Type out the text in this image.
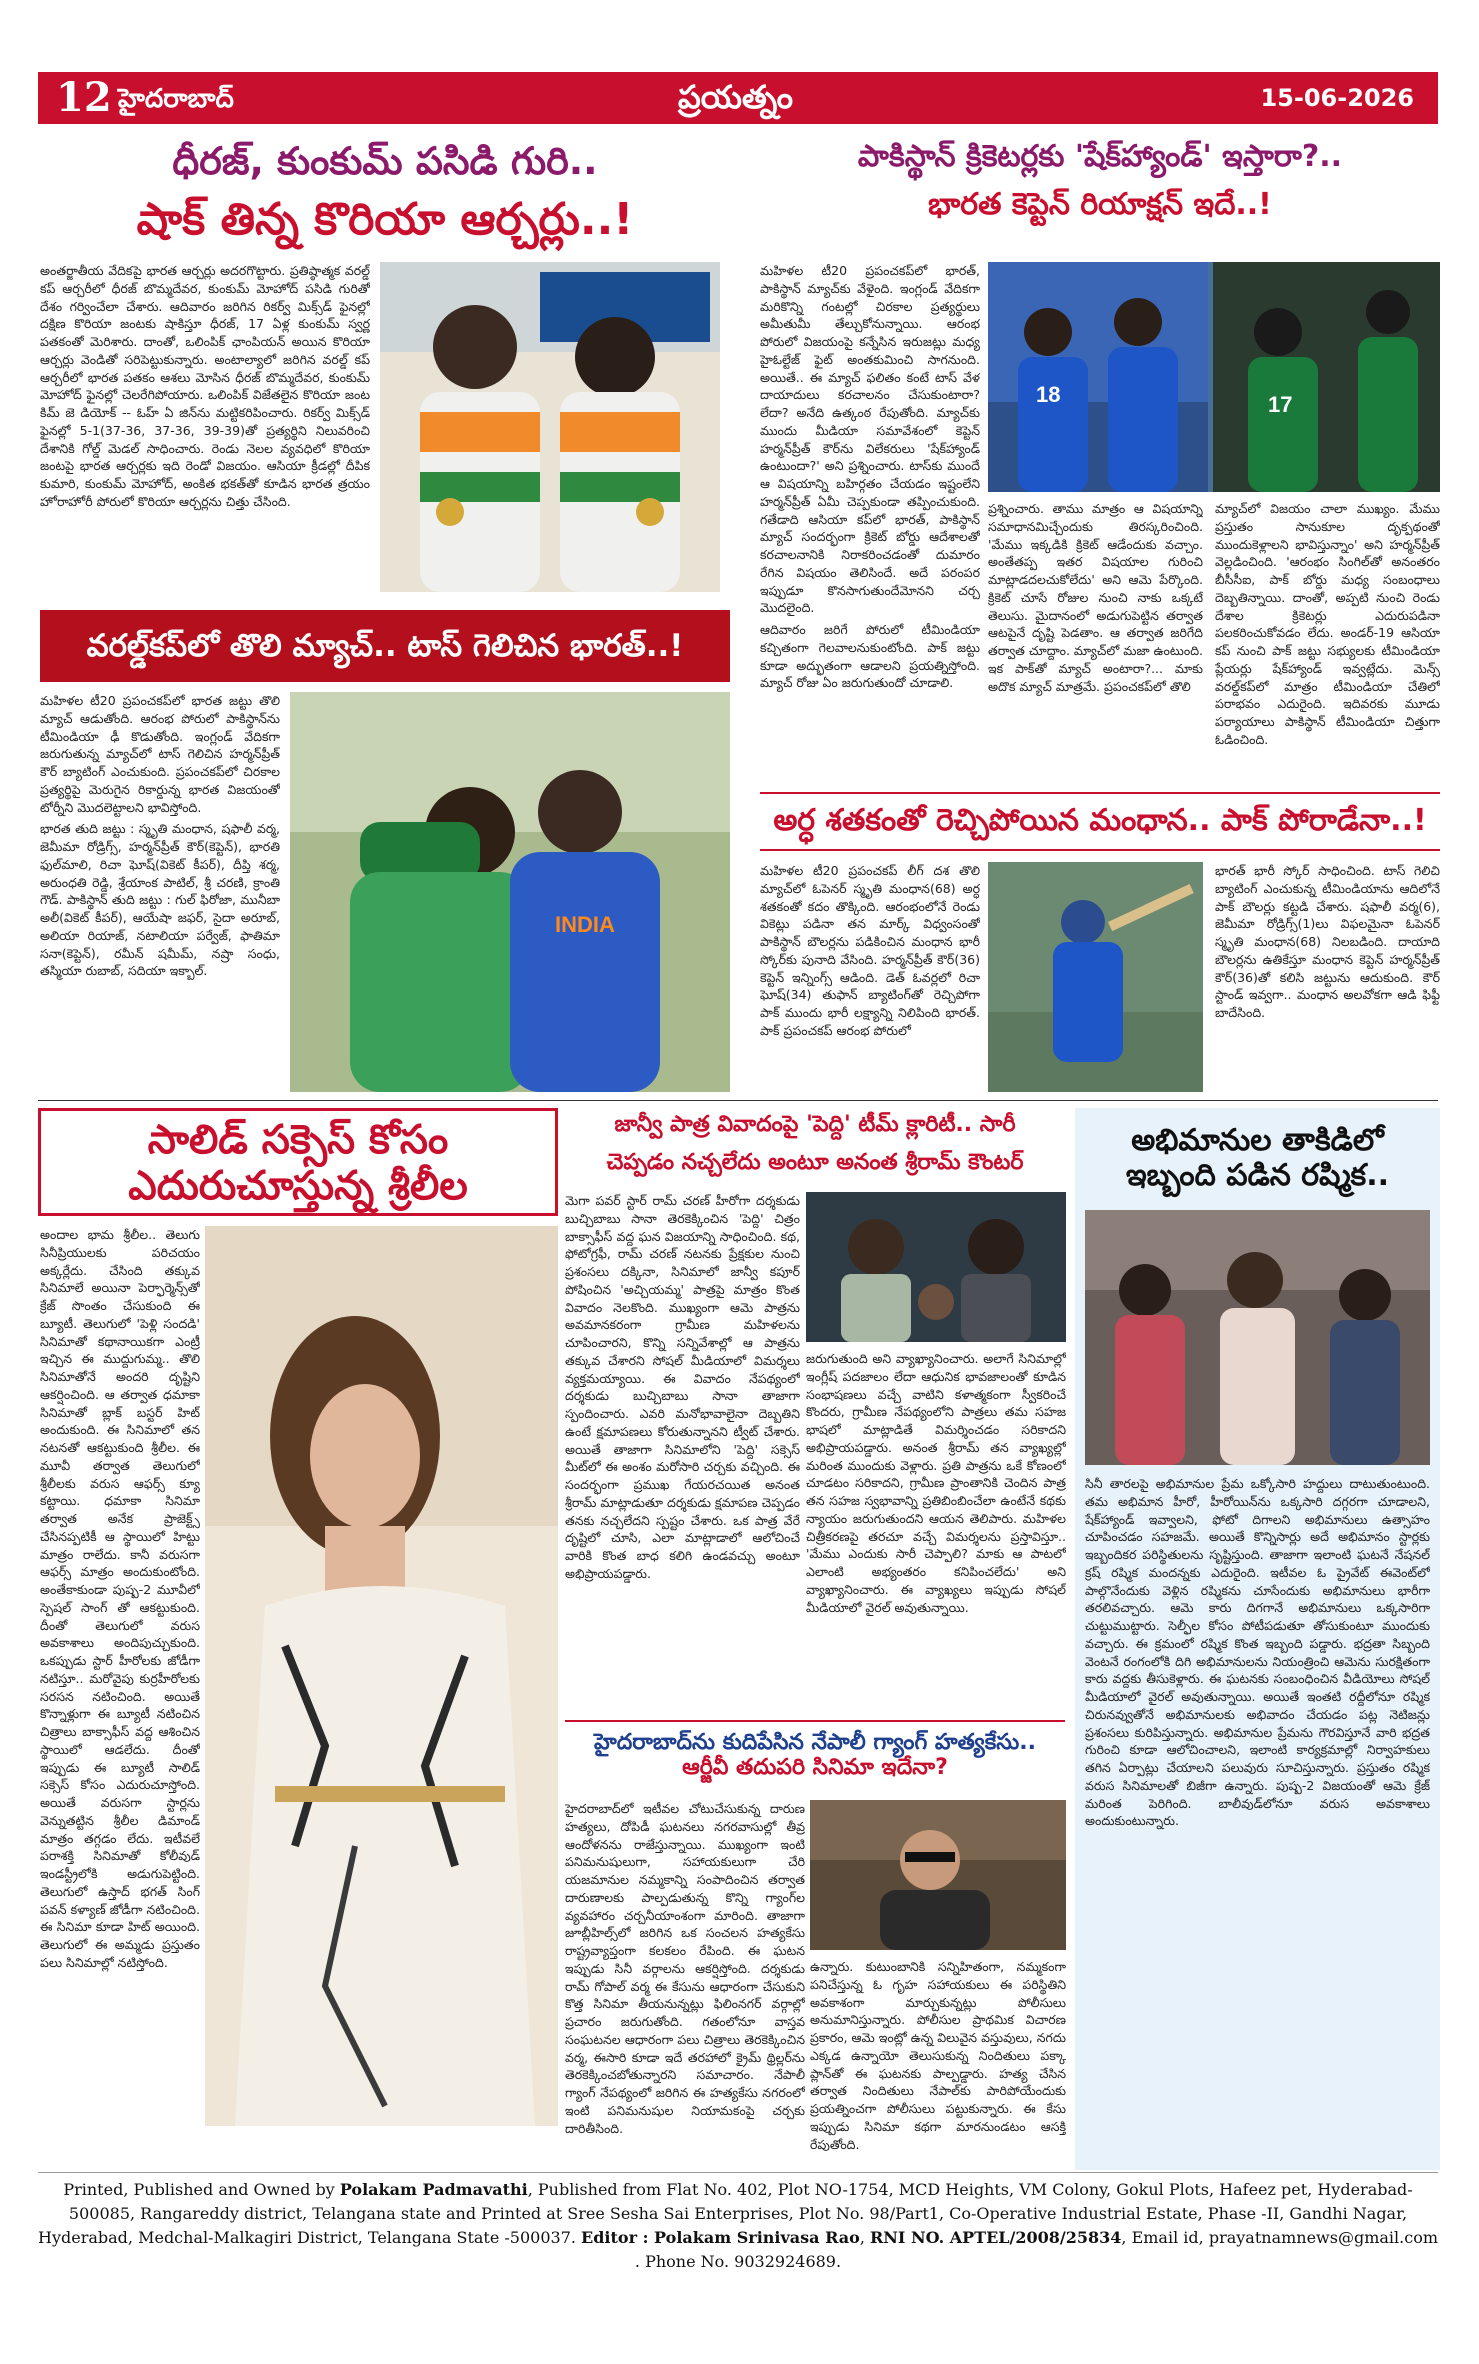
12 హైదరాబాద్	ప్రయత్నం	15-06-2026
ధీరజ్, కుంకుమ్ పసిడి గురి..
షాక్ తిన్న కొరియా ఆర్చర్లు..!

అంతర్జాతీయ వేదికపై భారత ఆర్చర్లు అదరగొట్టారు. ప్రతిష్ఠాత్మక వరల్డ్ కప్ ఆర్చరీలో ధీరజ్ బొమ్మదేవర, కుంకుమ్ మోహోద్ పసిడి గురితో దేశం గర్వించేలా చేశారు. ఆదివారం జరిగిన రికర్వ్ మిక్స్‌డ్ ఫైనల్లో దక్షిణ కొరియా జంటకు షాకిస్తూ ధీరజ్, 17 ఏళ్ల కుంకుమ్ స్వర్ణ పతకంతో మెరిశారు. దాంతో, ఒలింపిక్ ఛాంపియన్ అయిన కొరియా ఆర్చర్లు వెండితో సరిపెట్టుకున్నారు. అంటాల్యాలో జరిగిన వరల్డ్ కప్ ఆర్చరీలో భారత పతకం ఆశలు మోసిన ధీరజ్ బొమ్మదేవర, కుంకుమ్ మోహోద్ ఫైనల్లో చెలరేగిపోయారు. ఒలింపిక్ విజేతలైన కొరియా జంట కిమ్ జె డియోక్ -- ఓహ్ ఏ జిన్‌ను మట్టికరిపించారు. రికర్వ్ మిక్స్‌డ్ ఫైనల్లో 5-1(37-36, 37-36, 39-39)తో ప్రత్యర్థిని నిలువరించి దేశానికి గోల్డ్ మెడల్ సాధించారు. రెండు నెలల వ్యవధిలో కొరియా జంటపై భారత ఆర్చర్లకు ఇది రెండో విజయం. ఆసియా క్రీడల్లో దీపిక కుమారి, కుంకుమ్ మోహోద్, అంకిత భకత్‌తో కూడిన భారత త్రయం హోరాహోరీ పోరులో కొరియా ఆర్చర్లను చిత్తు చేసింది.

వరల్డ్‌కప్‌లో తొలి మ్యాచ్.. టాస్ గెలిచిన భారత్..!

మహిళల టీ20 ప్రపంచకప్‌లో భారత జట్టు తొలి మ్యాచ్ ఆడుతోంది. ఆరంభ పోరులో పాకిస్థాన్‌ను టీమిండియా ఢీ కొడుతోంది. ఇంగ్లండ్ వేదికగా జరుగుతున్న మ్యాచ్‌లో టాస్ గెలిచిన హర్మన్‌ప్రీత్ కౌర్ బ్యాటింగ్ ఎంచుకుంది. ప్రపంచకప్‌లో చిరకాల ప్రత్యర్థిపై మెరుగైన రికార్డున్న భారత విజయంతో టోర్నీని మొదలెట్టాలని భావిస్తోంది.

భారత తుది జట్టు : స్మృతి మంధాన, షఫాలీ వర్మ, జెమీమా రోడ్రిగ్స్, హర్మన్‌ప్రీత్ కౌర్(కెప్టెన్), భారతి ఫుల్‌మాలి, రిచా ఘోష్(వికెట్ కీపర్), దీప్తి శర్మ, అరుంధతి రెడ్డి, శ్రేయాంక పాటిల్, శ్రీ చరణి, క్రాంతి గౌడ్. పాకిస్థాన్ తుది జట్టు : గుల్ ఫిరోజా, మునీబా అలీ(వికెట్ కీపర్), ఆయేషా జఫర్, సైదా అరూబ్, అలియా రియాజ్, నటాలియా పర్వేజ్, ఫాతిమా సనా(కెప్టెన్), రమీన్ షమీమ్, నష్రా సంధు, తస్మియా రుబాబ్, సదియా ఇక్బాల్.

INDIA
పాకిస్థాన్ క్రికెటర్లకు 'షేక్‌హ్యాండ్' ఇస్తారా?..
భారత కెప్టెన్ రియాక్షన్ ఇదే..!

మహిళల టీ20 ప్రపంచకప్‌లో భారత్, పాకిస్థాన్ మ్యాచ్‌కు వేళైంది. ఇంగ్లండ్ వేదికగా మరికొన్ని గంటల్లో చిరకాల ప్రత్యర్థులు అమీతుమీ తేల్చుకోనున్నాయి. ఆరంభ పోరులో విజయంపై కన్నేసిన ఇరుజట్లు మధ్య హైఓల్టేజ్ ఫైట్ అంతకుమించి సాగనుంది. అయితే.. ఈ మ్యాచ్ ఫలితం కంటే టాస్ వేళ దాయాదులు కరచాలనం చేసుకుంటారా? లేదా? అనేది ఉత్కంఠ రేపుతోంది. మ్యాచ్‌కు ముందు మీడియా సమావేశంలో కెప్టెన్ హర్మన్‌ప్రీత్ కౌర్‌ను విలేకరులు 'షేక్‌హ్యాండ్ ఉంటుందా?' అని ప్రశ్నించారు. టాస్‌కు ముందే ఆ విషయాన్ని బహిర్గతం చేయడం ఇష్టంలేని హర్మన్‌ప్రీత్ ఏమీ చెప్పకుండా తప్పించుకుంది. గతేడాది ఆసియా కప్‌లో భారత్, పాకిస్థాన్ మ్యాచ్ సందర్భంగా క్రికెట్ బోర్డు ఆదేశాలతో కరచాలనానికి నిరాకరించడంతో దుమారం రేగిన విషయం తెలిసిందే. అదే పరంపర ఇప్పుడూ కొనసాగుతుందేమోనని చర్చ మొదలైంది.

ఆదివారం జరిగే పోరులో టీమిండియా కచ్చితంగా గెలవాలనుకుంటోంది. పాక్ జట్టు కూడా అద్భుతంగా ఆడాలని ప్రయత్నిస్తోంది. మ్యాచ్ రోజు ఏం జరుగుతుందో చూడాలి.

18	17

ప్రశ్నించారు. తాము మాత్రం ఆ విషయాన్ని సమాధానమిచ్చేందుకు తిరస్కరించింది. 'మేము ఇక్కడికి క్రికెట్ ఆడేందుకు వచ్చాం. అంతేతప్ప ఇతర విషయాల గురించి మాట్లాడదలచుకోలేదు' అని ఆమె పేర్కొంది. క్రికెట్ చూసే రోజుల నుంచి నాకు ఒక్కటే తెలుసు. మైదానంలో అడుగుపెట్టిన తర్వాత ఆటపైనే దృష్టి పెడతాం. ఆ తర్వాత జరిగేది తర్వాత చూద్దాం. మ్యాచ్‌లో మజా ఉంటుంది. ఇక పాక్‌తో మ్యాచ్ అంటారా?... మాకు అదొక మ్యాచ్ మాత్రమే. ప్రపంచకప్‌లో తొలి

మ్యాచ్‌లో విజయం చాలా ముఖ్యం. మేము ప్రస్తుతం సానుకూల దృక్పథంతో ముందుకెళ్లాలని భావిస్తున్నాం' అని హర్మన్‌ప్రీత్ వెల్లడించింది. 'ఆరంభం సింగిల్‌తో అనంతరం బీసీసీఐ, పాక్ బోర్డు మధ్య సంబంధాలు దెబ్బతిన్నాయి. దాంతో, అప్పటి నుంచి రెండు దేశాల క్రికెటర్లు ఎదురుపడినా పలకరించుకోవడం లేదు. అండర్-19 ఆసియా కప్ నుంచి పాక్ జట్టు సభ్యులకు టీమిండియా ప్లేయర్లు షేక్‌హ్యాండ్ ఇవ్వట్లేదు. మెన్స్ వరల్డ్‌కప్‌లో మాత్రం టీమిండియా చేతిలో పరాభవం ఎదురైంది. ఇదివరకు మూడు పర్యాయాలు పాకిస్థాన్ టీమిండియా చిత్తుగా ఓడించింది.

అర్ధ శతకంతో రెచ్చిపోయిన మంధాన.. పాక్ పోరాడేనా..!

మహిళల టీ20 ప్రపంచకప్ లీగ్ దశ తొలి మ్యాచ్‌లో ఓపెనర్ స్మృతి మంధాన(68) అర్ధ శతకంతో కదం తొక్కింది. ఆరంభంలోనే రెండు వికెట్లు పడినా తన మార్క్ విధ్వంసంతో పాకిస్థాన్ బౌలర్లను పడికించిన మంధాన భారీ స్కోర్‌కు పునాది వేసింది. హర్మన్‌ప్రీత్ కౌర్(36) కెప్టెన్ ఇన్నింగ్స్ ఆడింది. డెత్ ఓవర్లలో రిచా ఘోష్(34) తుఫాన్ బ్యాటింగ్‌తో రెచ్చిపోగా పాక్ ముందు భారీ లక్ష్యాన్ని నిలిపింది భారత్. పాక్ ప్రపంచకప్ ఆరంభ పోరులో

భారత్ భారీ స్కోర్ సాధించింది. టాస్ గెలిచి బ్యాటింగ్ ఎంచుకున్న టీమిండియాను ఆదిలోనే పాక్ బౌలర్లు కట్టడి చేశారు. షఫాలీ వర్మ(6), జెమీమా రోడ్రిగ్స్(1)లు విఫలమైనా ఓపెనర్ స్మృతి మంధాన(68) నిలబడింది. దాయాది బౌలర్లను ఉతికేస్తూ మంధాన కెప్టెన్ హర్మన్‌ప్రీత్ కౌర్(36)తో కలిసి జట్టును ఆదుకుంది. కౌర్ స్టాండ్ ఇవ్వగా.. మంధాన అలవోకగా ఆడి ఫిఫ్టీ బాదేసింది.

సాలిడ్ సక్సెస్ కోసం
ఎదురుచూస్తున్న శ్రీలీల

అందాల భామ శ్రీలీల.. తెలుగు సినీప్రియులకు పరిచయం అక్కర్లేదు. చేసింది తక్కువ సినిమాలే అయినా పెర్ఫార్మెన్స్‌తో క్రేజ్ సొంతం చేసుకుంది ఈ బ్యూటీ. తెలుగులో 'పెళ్లి సందడి' సినిమాతో కథానాయికగా ఎంట్రీ ఇచ్చిన ఈ ముద్దుగుమ్మ.. తొలి సినిమాతోనే అందరి దృష్టిని ఆకర్షించింది. ఆ తర్వాత ధమాకా సినిమాతో బ్లాక్ బస్టర్ హిట్ అందుకుంది. ఈ సినిమాలో తన నటనతో ఆకట్టుకుంది శ్రీలీల. ఈ మూవీ తర్వాత తెలుగులో శ్రీలీలకు వరుస ఆఫర్స్ క్యూ కట్టాయి. ధమాకా సినిమా తర్వాత అనేక ప్రాజెక్ట్స్ చేసినప్పటికీ ఆ స్థాయిలో హిట్టు మాత్రం రాలేదు. కానీ వరుసగా ఆఫర్స్ మాత్రం అందుకుంటోంది. అంతేకాకుండా పుష్ప-2 మూవీలో స్పెషల్ సాంగ్ తో ఆకట్టుకుంది. దీంతో తెలుగులో వరుస అవకాశాలు అందిపుచ్చుకుంది. ఒకప్పుడు స్టార్ హీరోలకు జోడీగా నటిస్తూ.. మరోవైపు కుర్రహీరోలకు సరసన నటించింది. అయితే కొన్నాళ్లుగా ఈ బ్యూటీ నటించిన చిత్రాలు బాక్సాఫీస్ వద్ద ఆశించిన స్థాయిలో ఆడలేదు. దీంతో ఇప్పుడు ఈ బ్యూటీ సాలిడ్ సక్సెస్ కోసం ఎదురుచూస్తోంది. అయితే వరుసగా స్టార్లను వెన్నుతట్టిన శ్రీలీల డిమాండ్ మాత్రం తగ్గడం లేదు. ఇటీవలే పరాశక్తి సినిమాతో కోలీవుడ్ ఇండస్ట్రీలోకి అడుగుపెట్టింది. తెలుగులో ఉస్తాద్ భగత్ సింగ్ పవన్ కళ్యాణ్ జోడీగా నటించింది. ఈ సినిమా కూడా హిట్ అయింది. తెలుగులో ఈ అమ్మడు ప్రస్తుతం పలు సినిమాల్లో నటిస్తోంది.

జాన్వీ పాత్ర వివాదంపై 'పెద్ది' టీమ్ క్లారిటీ.. సారీ
చెప్పడం నచ్చలేదు అంటూ అనంత శ్రీరామ్ కౌంటర్

మెగా పవర్ స్టార్ రామ్ చరణ్ హీరోగా దర్శకుడు బుచ్చిబాబు సానా తెరకెక్కించిన 'పెద్ది' చిత్రం బాక్సాఫీస్ వద్ద ఘన విజయాన్ని సాధించింది. కథ, ఫోటోగ్రఫీ, రామ్ చరణ్ నటనకు ప్రేక్షకుల నుంచి ప్రశంసలు దక్కినా, సినిమాలో జాన్వీ కపూర్ పోషించిన 'అచ్చియమ్మ' పాత్రపై మాత్రం కొంత వివాదం నెలకొంది. ముఖ్యంగా ఆమె పాత్రను అవమానకరంగా గ్రామీణ మహిళలను చూపించారని, కొన్ని సన్నివేశాల్లో ఆ పాత్రను తక్కువ చేశారని సోషల్ మీడియాలో విమర్శలు వ్యక్తమయ్యాయి. ఈ వివాదం నేపథ్యంలో దర్శకుడు బుచ్చిబాబు సానా తాజాగా స్పందించారు. ఎవరి మనోభావాలైనా దెబ్బతిని ఉంటే క్షమాపణలు కోరుతున్నానని ట్వీట్ చేశారు. అయితే తాజాగా సినిమాలోని 'పెద్ది' సక్సెస్ మీట్‌లో ఈ అంశం మరోసారి చర్చకు వచ్చింది. ఈ సందర్భంగా ప్రముఖ గేయరచయిత అనంత శ్రీరామ్ మాట్లాడుతూ దర్శకుడు క్షమాపణ చెప్పడం తనకు నచ్చలేదని స్పష్టం చేశారు. ఒక పాత్ర వేరే దృష్టిలో చూసి, ఎలా మాట్లాడాలో ఆలోచించే వారికి కొంత బాధ కలిగి ఉండవచ్చు అంటూ అభిప్రాయపడ్డారు.

జరుగుతుంది అని వ్యాఖ్యానించారు. అలాగే సినిమాల్లో ఇంగ్లీష్ పదజాలం లేదా ఆధునిక భావజాలంతో కూడిన సంభాషణలు వచ్చే వాటిని కళాత్మకంగా స్వీకరించే కొందరు, గ్రామీణ నేపథ్యంలోని పాత్రలు తమ సహజ భాషలో మాట్లాడితే విమర్శించడం సరికాదని అభిప్రాయపడ్డారు. అనంత శ్రీరామ్ తన వ్యాఖ్యల్లో మరింత ముందుకు వెళ్లారు. ప్రతి పాత్రను ఒకే కోణంలో చూడటం సరికాదని, గ్రామీణ ప్రాంతానికి చెందిన పాత్ర తన సహజ స్వభావాన్ని ప్రతిబింబించేలా ఉంటేనే కథకు న్యాయం జరుగుతుందని ఆయన తెలిపారు. మహిళల చిత్రీకరణపై తరచూ వచ్చే విమర్శలను ప్రస్తావిస్తూ.. 'మేము ఎందుకు సారీ చెప్పాలి? మాకు ఆ పాటలో ఎలాంటి అభ్యంతరం కనిపించలేదు' అని వ్యాఖ్యానించారు. ఈ వ్యాఖ్యలు ఇప్పుడు సోషల్ మీడియాలో వైరల్ అవుతున్నాయి.

హైదరాబాద్‌ను కుదిపేసిన నేపాలీ గ్యాంగ్ హత్యకేసు..
ఆర్జీవీ తదుపరి సినిమా ఇదేనా?

హైదరాబాద్‌లో ఇటీవల చోటుచేసుకున్న దారుణ హత్యలు, దోపిడీ ఘటనలు నగరవాసుల్లో తీవ్ర ఆందోళనను రాజేస్తున్నాయి. ముఖ్యంగా ఇంటి పనిమనుషులుగా, సహాయకులుగా చేరి యజమానుల నమ్మకాన్ని సంపాదించిన తర్వాత దారుణాలకు పాల్పడుతున్న కొన్ని గ్యాంగ్‌ల వ్యవహారం చర్చనీయాంశంగా మారింది. తాజాగా జూబ్లీహిల్స్‌లో జరిగిన ఒక సంచలన హత్యకేసు రాష్ట్రవ్యాప్తంగా కలకలం రేపింది. ఈ ఘటన ఇప్పుడు సినీ వర్గాలను ఆకర్షిస్తోంది. దర్శకుడు రామ్ గోపాల్ వర్మ ఈ కేసును ఆధారంగా చేసుకుని కొత్త సినిమా తీయనున్నట్లు ఫిలింనగర్ వర్గాల్లో ప్రచారం జరుగుతోంది. గతంలోనూ వాస్తవ సంఘటనల ఆధారంగా పలు చిత్రాలు తెరకెక్కించిన వర్మ, ఈసారి కూడా ఇదే తరహాలో క్రైమ్ థ్రిల్లర్‌ను తెరకెక్కించబోతున్నారని సమాచారం. నేపాలీ గ్యాంగ్ నేపథ్యంలో జరిగిన ఈ హత్యకేసు నగరంలో ఇంటి పనిమనుషుల నియామకంపై చర్చకు దారితీసింది.

ఉన్నారు. కుటుంబానికి సన్నిహితంగా, నమ్మకంగా పనిచేస్తున్న ఓ గృహ సహాయకులు ఈ పరిస్థితిని అవకాశంగా మార్చుకున్నట్లు పోలీసులు అనుమానిస్తున్నారు. పోలీసుల ప్రాథమిక విచారణ ప్రకారం, ఆమె ఇంట్లో ఉన్న విలువైన వస్తువులు, నగదు ఎక్కడ ఉన్నాయో తెలుసుకున్న నిందితులు పక్కా ప్లాన్‌తో ఈ ఘటనకు పాల్పడ్డారు. హత్య చేసిన తర్వాత నిందితులు నేపాల్‌కు పారిపోయేందుకు ప్రయత్నించగా పోలీసులు పట్టుకున్నారు. ఈ కేసు ఇప్పుడు సినిమా కథగా మారనుండటం ఆసక్తి రేపుతోంది.

అభిమానుల తాకిడిలో
ఇబ్బంది పడిన రష్మిక..

సినీ తారలపై అభిమానుల ప్రేమ ఒక్కోసారి హద్దులు దాటుతుంటుంది. తమ అభిమాన హీరో, హీరోయిన్‌ను ఒక్కసారి దగ్గరగా చూడాలని, షేక్‌హ్యాండ్ ఇవ్వాలని, ఫోటో దిగాలని అభిమానులు ఉత్సాహం చూపించడం సహజమే. అయితే కొన్నిసార్లు అదే అభిమానం స్టార్లకు ఇబ్బందికర పరిస్థితులను సృష్టిస్తుంది. తాజాగా ఇలాంటి ఘటనే నేషనల్ క్రష్ రష్మిక మందన్నకు ఎదురైంది. ఇటీవల ఓ ప్రైవేట్ ఈవెంట్‌లో పాల్గొనేందుకు వెళ్లిన రష్మికను చూసేందుకు అభిమానులు భారీగా తరలివచ్చారు. ఆమె కారు దిగగానే అభిమానులు ఒక్కసారిగా చుట్టుముట్టారు. సెల్ఫీల కోసం పోటీపడుతూ తోసుకుంటూ ముందుకు వచ్చారు. ఈ క్రమంలో రష్మిక కొంత ఇబ్బంది పడ్డారు. భద్రతా సిబ్బంది వెంటనే రంగంలోకి దిగి అభిమానులను నియంత్రించి ఆమెను సురక్షితంగా కారు వద్దకు తీసుకెళ్లారు. ఈ ఘటనకు సంబంధించిన వీడియోలు సోషల్ మీడియాలో వైరల్ అవుతున్నాయి. అయితే ఇంతటి రద్దీలోనూ రష్మిక చిరునవ్వుతోనే అభిమానులకు అభివాదం చేయడం పట్ల నెటిజన్లు ప్రశంసలు కురిపిస్తున్నారు. అభిమానుల ప్రేమను గౌరవిస్తూనే వారి భద్రత గురించి కూడా ఆలోచించాలని, ఇలాంటి కార్యక్రమాల్లో నిర్వాహకులు తగిన ఏర్పాట్లు చేయాలని పలువురు సూచిస్తున్నారు. ప్రస్తుతం రష్మిక వరుస సినిమాలతో బిజీగా ఉన్నారు. పుష్ప-2 విజయంతో ఆమె క్రేజ్ మరింత పెరిగింది. బాలీవుడ్‌లోనూ వరుస అవకాశాలు అందుకుంటున్నారు.

Printed, Published and Owned by Polakam Padmavathi, Published from Flat No. 402, Plot NO-1754, MCD Heights, VM Colony, Gokul Plots, Hafeez pet, Hyderabad-500085, Rangareddy district, Telangana state and Printed at Sree Sesha Sai Enterprises, Plot No. 98/Part1, Co-Operative Industrial Estate, Phase -II, Gandhi Nagar, Hyderabad, Medchal-Malkagiri District, Telangana State -500037. Editor : Polakam Srinivasa Rao, RNI NO. APTEL/2008/25834, Email id, prayatnamnews@gmail.com . Phone No. 9032924689.
